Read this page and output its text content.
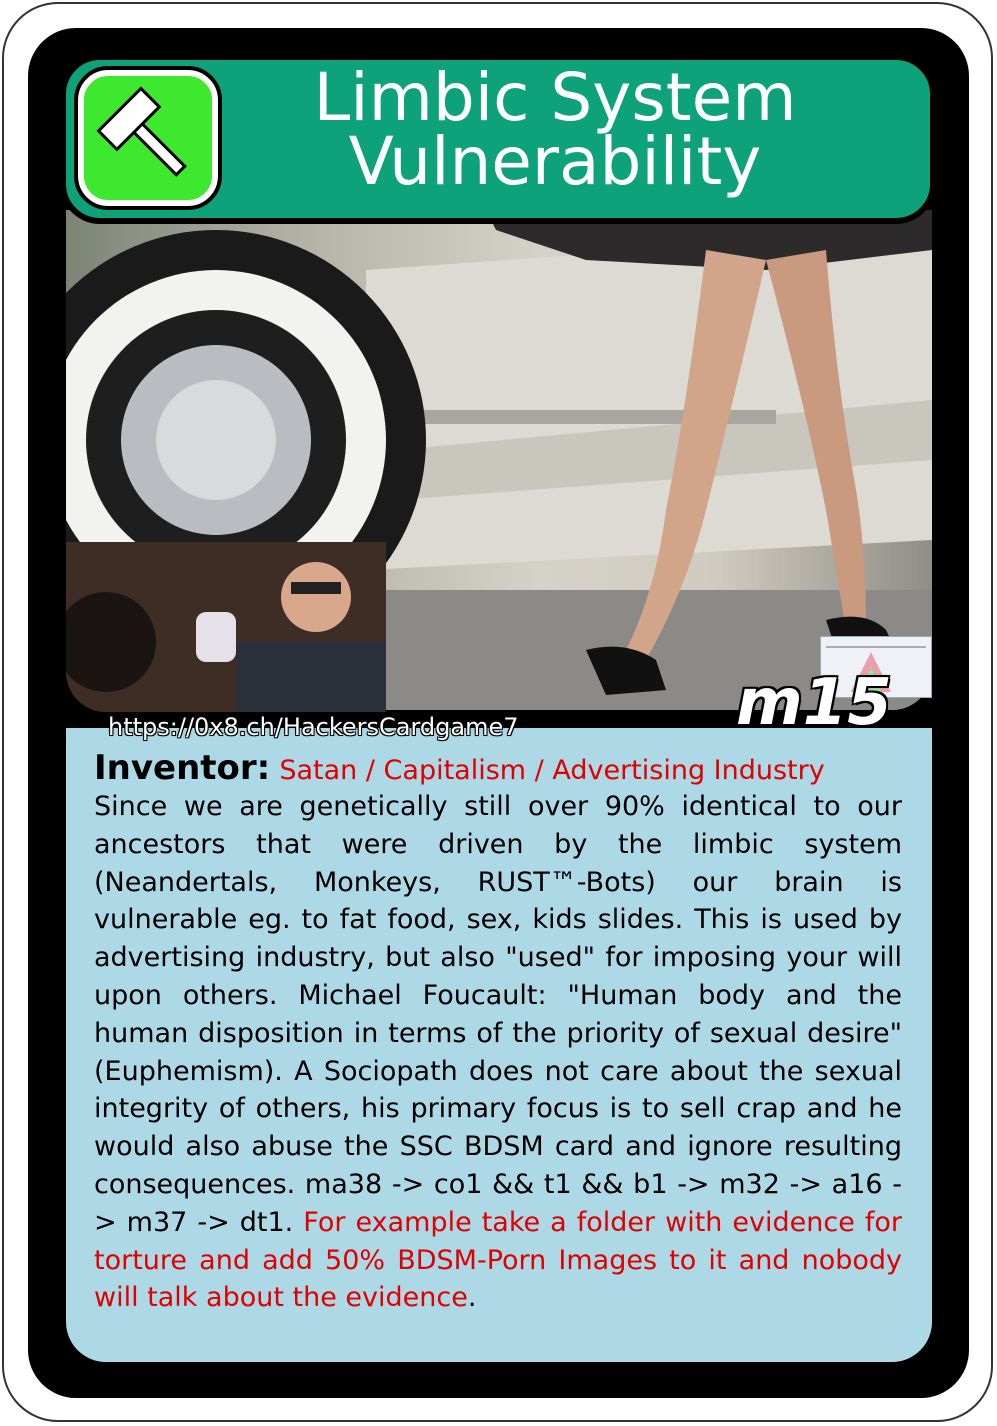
Limbic System
Vulnerability
m15
https://0x8.ch/HackersCardgame7
Inventor: Satan / Capitalism / Advertising Industry

Since we are genetically still over 90% identical to our ancestors that were driven by the limbic system (Neandertals, Monkeys, RUST™-Bots) our brain is vulnerable eg. to fat food, sex, kids slides. This is used by advertising industry, but also "used" for imposing your will upon others. Michael Foucault: "Human body and the human disposition in terms of the priority of sexual desire" (Euphemism). A Sociopath does not care about the sexual integrity of others, his primary focus is to sell crap and he would also abuse the SSC BDSM card and ignore resulting consequences. ma38 -> co1 && t1 && b1 -> m32 -> a16 -> m37 -> dt1. For example take a folder with evidence for torture and add 50% BDSM-Porn Images to it and nobody will talk about the evidence.
